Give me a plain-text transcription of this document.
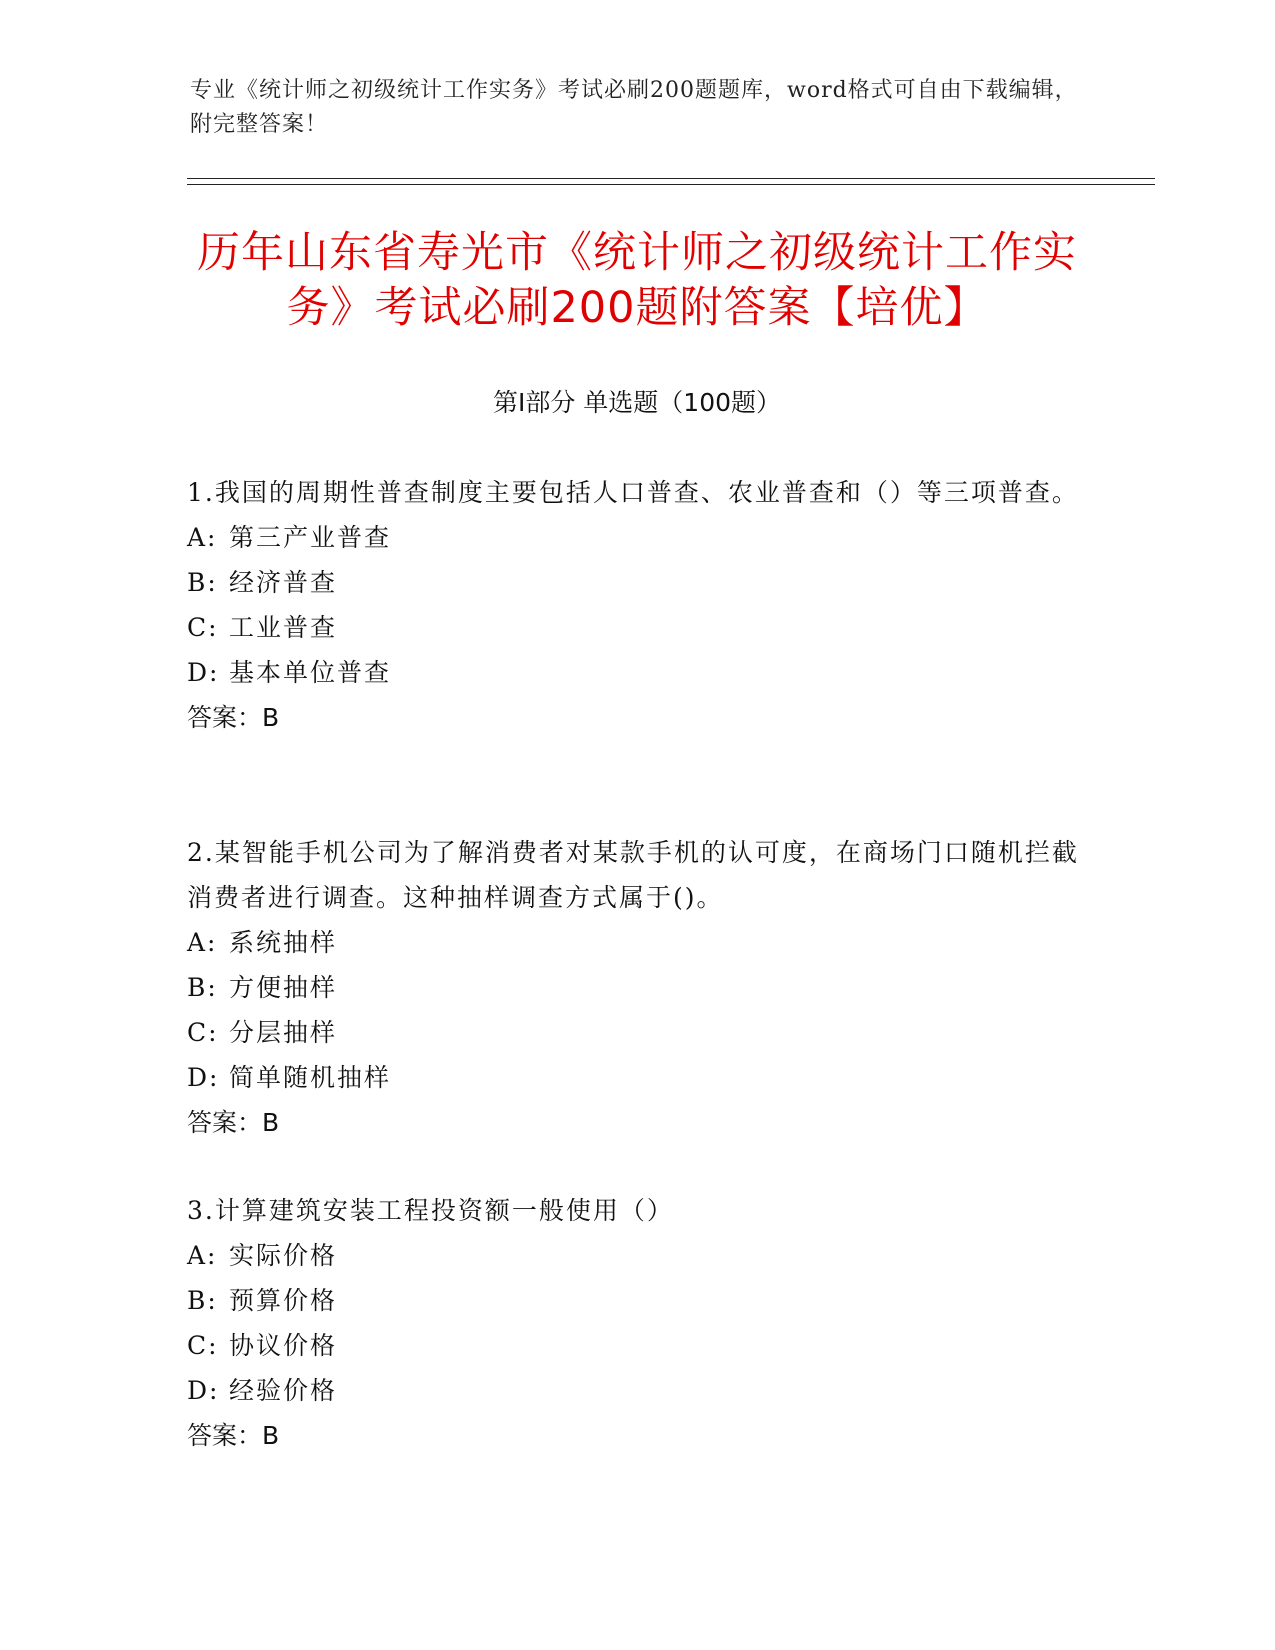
专业《统计师之初级统计工作实务》考试必刷200题题库，word格式可自由下载编辑，附完整答案！
历年山东省寿光市《统计师之初级统计工作实务》考试必刷200题附答案【培优】
第I部分 单选题（100题）

1.我国的周期性普查制度主要包括人口普查、农业普查和（）等三项普查。

A: 第三产业普查

B: 经济普查

C: 工业普查

D: 基本单位普查

答案：B

2.某智能手机公司为了解消费者对某款手机的认可度，在商场门口随机拦截消费者进行调查。这种抽样调查方式属于()。

A: 系统抽样

B: 方便抽样

C: 分层抽样

D: 简单随机抽样

答案：B

3.计算建筑安装工程投资额一般使用（）

A: 实际价格

B: 预算价格

C: 协议价格

D: 经验价格

答案：B
